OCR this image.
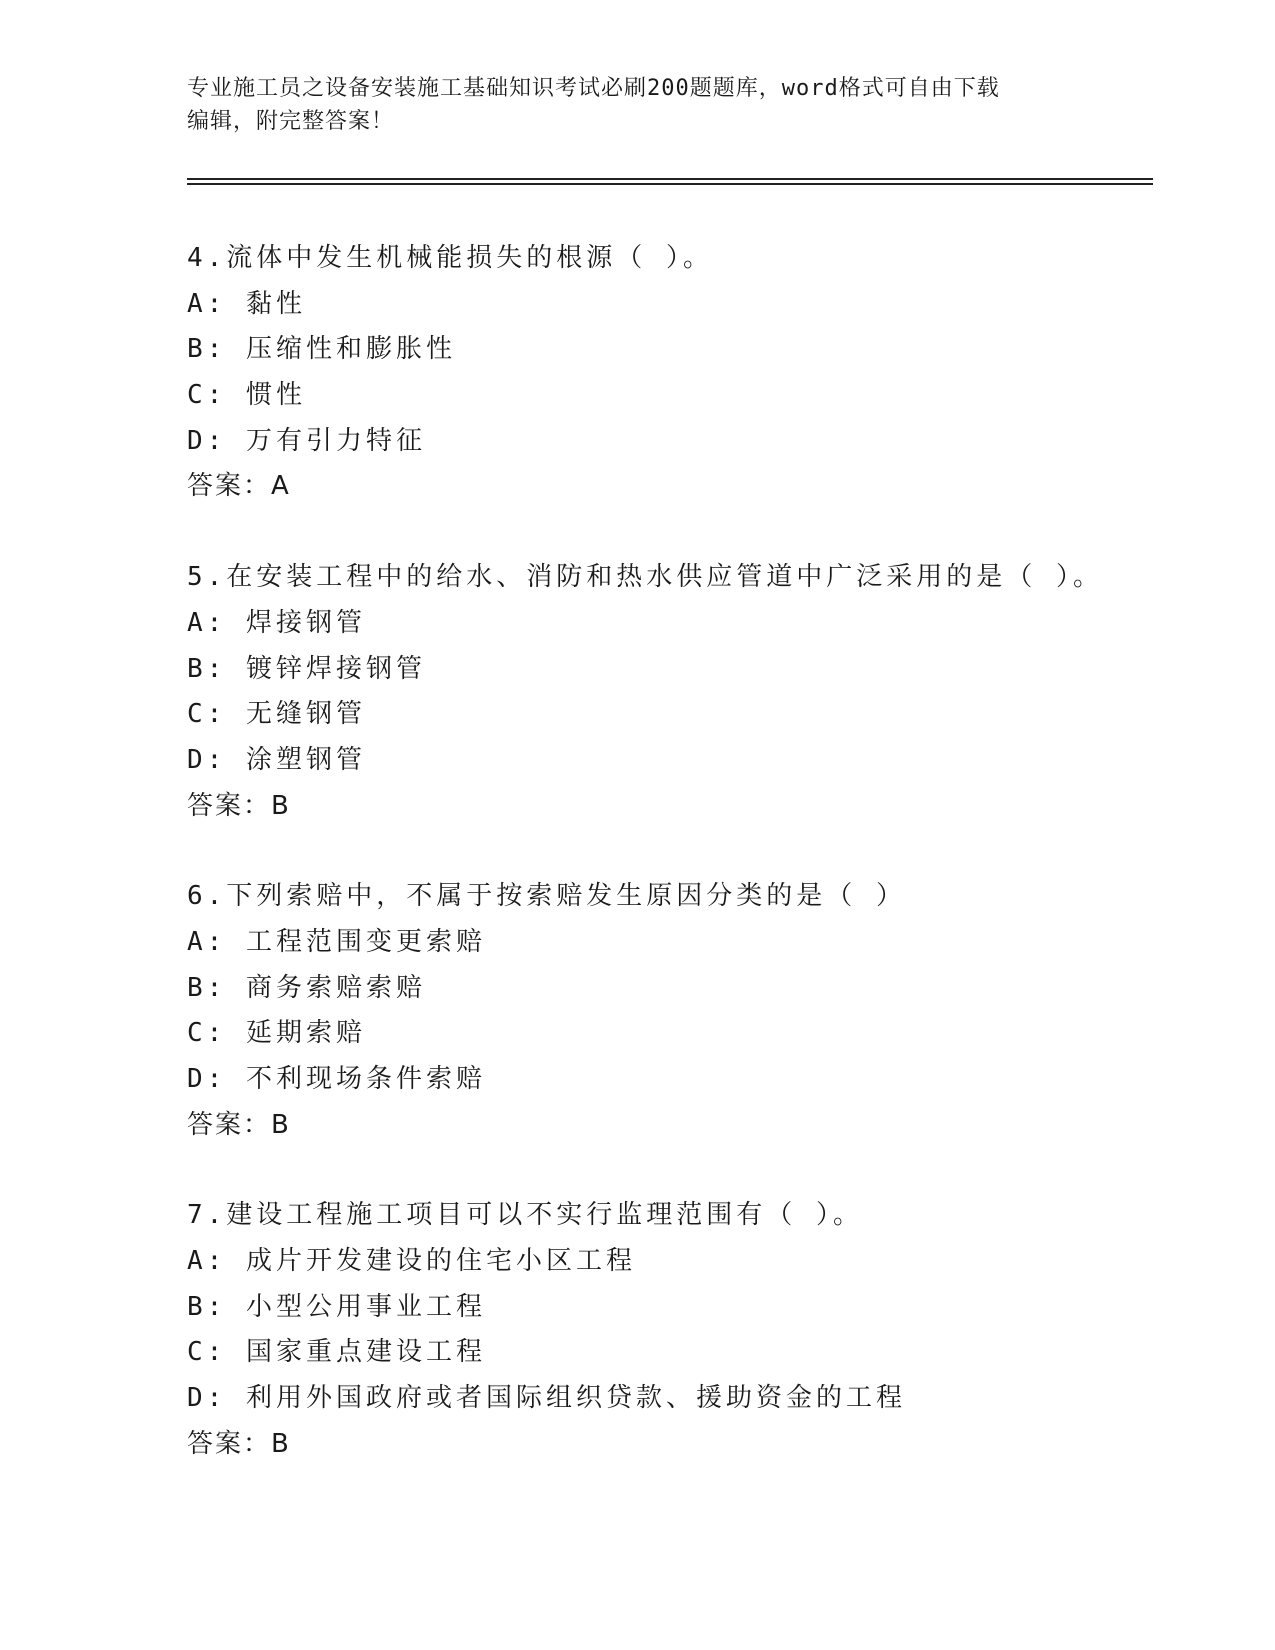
专业施工员之设备安装施工基础知识考试必刷200题题库，word格式可自由下载
编辑，附完整答案！
4.流体中发生机械能损失的根源（ ）。
A: 黏性
B: 压缩性和膨胀性
C: 惯性
D: 万有引力特征
答案：A
5.在安装工程中的给水、消防和热水供应管道中广泛采用的是（ ）。
A: 焊接钢管
B: 镀锌焊接钢管
C: 无缝钢管
D: 涂塑钢管
答案：B
6.下列索赔中，不属于按索赔发生原因分类的是（ ）
A: 工程范围变更索赔
B: 商务索赔索赔
C: 延期索赔
D: 不利现场条件索赔
答案：B
7.建设工程施工项目可以不实行监理范围有（ ）。
A: 成片开发建设的住宅小区工程
B: 小型公用事业工程
C: 国家重点建设工程
D: 利用外国政府或者国际组织贷款、援助资金的工程
答案：B
